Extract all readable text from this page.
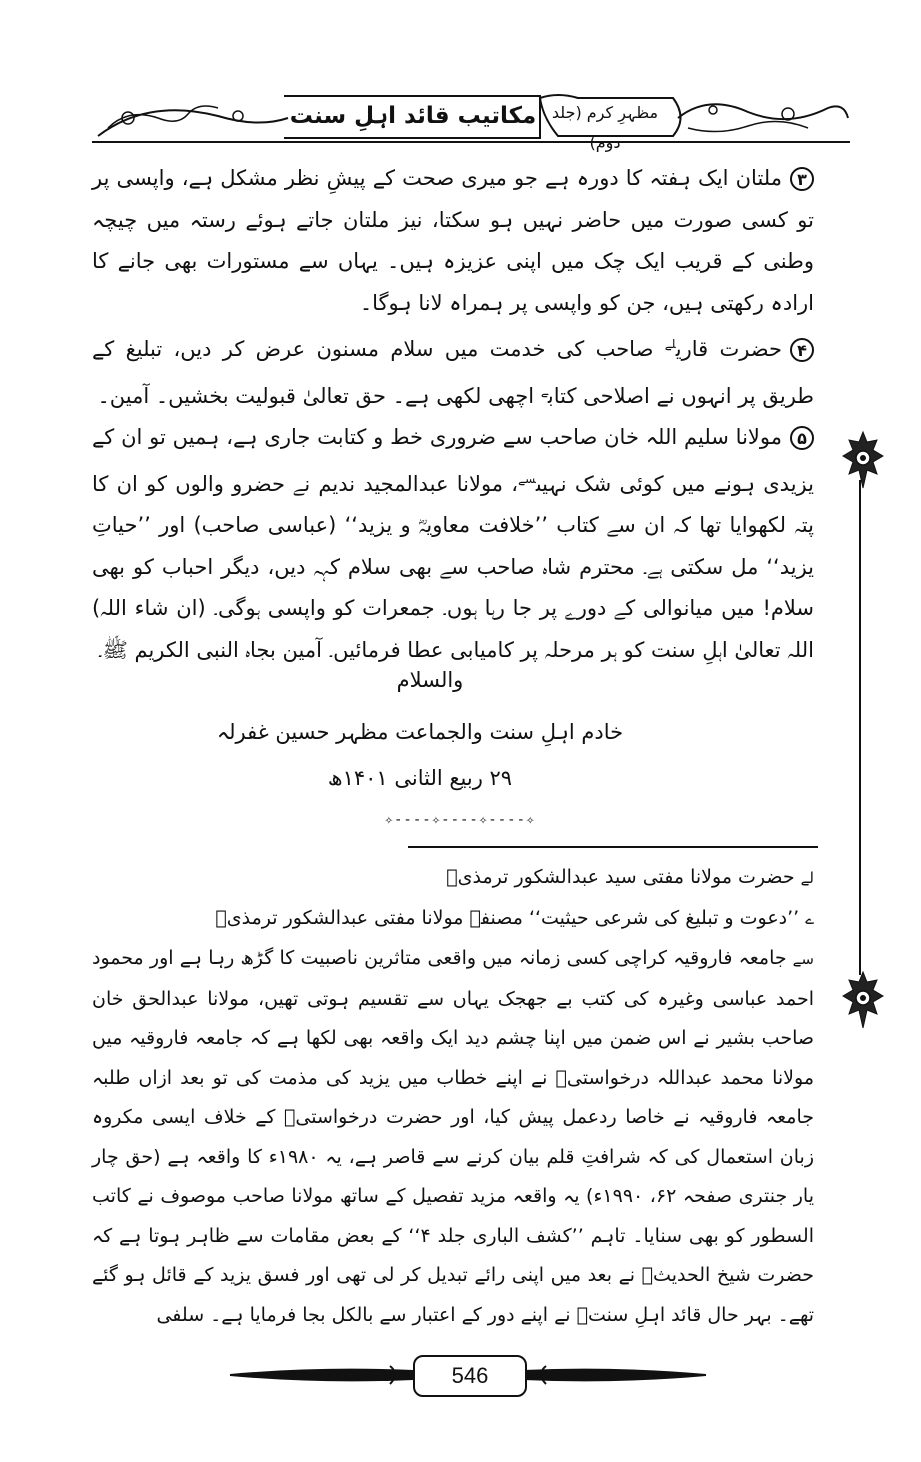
مکاتیب قائد اہلِ سنت مظہرِ کرم (جلد دوم)

۳ملتان ایک ہفتہ کا دورہ ہے جو میری صحت کے پیشِ نظر مشکل ہے، واپسی پر تو کسی صورت میں حاضر نہیں ہو سکتا، نیز ملتان جاتے ہوئے رستہ میں چیچہ وطنی کے قریب ایک چک میں اپنی عزیزہ ہیں۔ یہاں سے مستورات بھی جانے کا ارادہ رکھتی ہیں، جن کو واپسی پر ہمراہ لانا ہوگا۔

۴حضرت قاری$^{لے}$ صاحب کی خدمت میں سلام مسنون عرض کر دیں، تبلیغ کے طریق پر انہوں نے اصلاحی کتاب$^ے$ اچھی لکھی ہے۔ حق تعالیٰ قبولیت بخشیں۔ آمین۔

۵مولانا سلیم اللہ خان صاحب سے ضروری خط و کتابت جاری ہے، ہمیں تو ان کے یزیدی ہونے میں کوئی شک نہیں$^{سے}$، مولانا عبدالمجید ندیم نے حضرو والوں کو ان کا پتہ لکھوایا تھا کہ ان سے کتاب ’’خلافت معاویہؓ و یزید‘‘ (عباسی صاحب) اور ’’حیاتِ یزید‘‘ مل سکتی ہے۔ محترم شاہ صاحب سے بھی سلام کہہ دیں، دیگر احباب کو بھی سلام! میں میانوالی کے دورے پر جا رہا ہوں۔ جمعرات کو واپسی ہوگی۔ (ان شاء اللہ) اللہ تعالیٰ اہلِ سنت کو ہر مرحلہ پر کامیابی عطا فرمائیں۔ آمین بجاہ النبی الکریم ﷺ۔

والسلام
خادم اہلِ سنت والجماعت مظہر حسین غفرلہ
۲۹ ربیع الثانی ۱۴۰۱ھ
✧----✧----✧----✧

لےحضرت مولانا مفتی سید عبدالشکور ترمذیؒ

ے’’دعوت و تبلیغ کی شرعی حیثیت‘‘ مصنفہ مولانا مفتی عبدالشکور ترمذیؒ

سےجامعہ فاروقیہ کراچی کسی زمانہ میں واقعی متاثرین ناصبیت کا گڑھ رہا ہے اور محمود احمد عباسی وغیرہ کی کتب بے جھجک یہاں سے تقسیم ہوتی تھیں، مولانا عبدالحق خان صاحب بشیر نے اس ضمن میں اپنا چشم دید ایک واقعہ بھی لکھا ہے کہ جامعہ فاروقیہ میں مولانا محمد عبداللہ درخواستیؒ نے اپنے خطاب میں یزید کی مذمت کی تو بعد ازاں طلبہ جامعہ فاروقیہ نے خاصا ردعمل پیش کیا، اور حضرت درخواستیؒ کے خلاف ایسی مکروہ زبان استعمال کی کہ شرافتِ قلم بیان کرنے سے قاصر ہے، یہ ۱۹۸۰ء کا واقعہ ہے (حق چار یار جنتری صفحہ ۶۲، ۱۹۹۰ء) یہ واقعہ مزید تفصیل کے ساتھ مولانا صاحب موصوف نے کاتب السطور کو بھی سنایا۔ تاہم ’’کشف الباری جلد ۴‘‘ کے بعض مقامات سے ظاہر ہوتا ہے کہ حضرت شیخ الحدیثؒ نے بعد میں اپنی رائے تبدیل کر لی تھی اور فسق یزید کے قائل ہو گئے تھے۔ بہر حال قائد اہلِ سنتؒ نے اپنے دور کے اعتبار سے بالکل بجا فرمایا ہے۔ سلفی

546
